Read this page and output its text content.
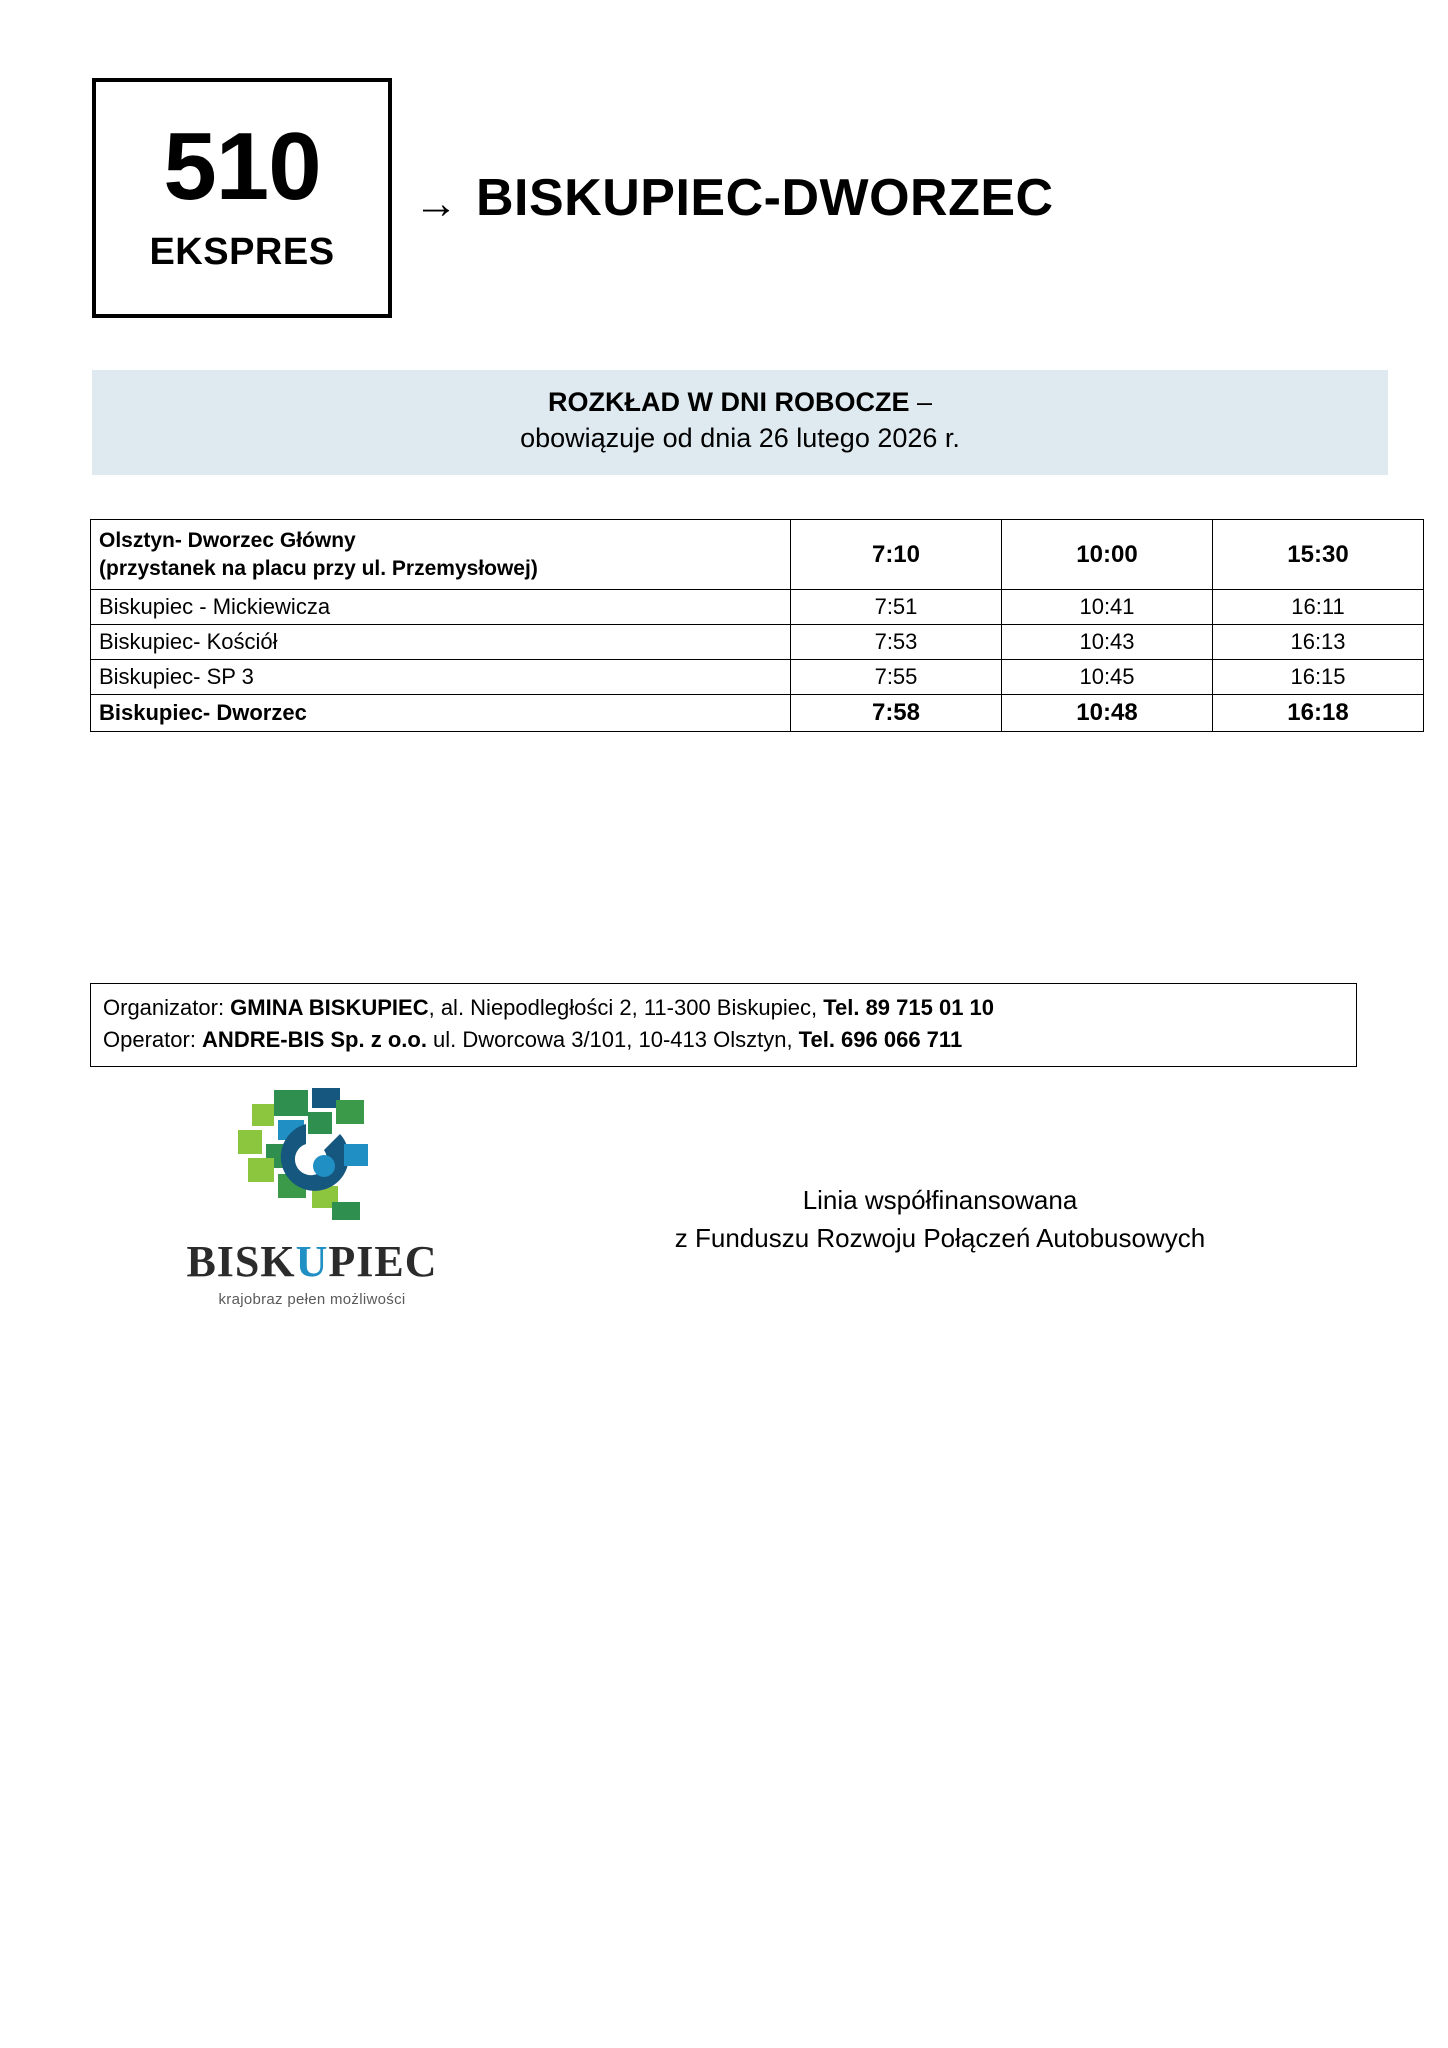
510
EKSPRES
→ BISKUPIEC-DWORZEC
ROZKŁAD W DNI ROBOCZE –
obowiązuje od dnia 26 lutego 2026 r.
Olsztyn- Dworzec Główny
(przystanek na placu przy ul. Przemysłowej)	7:10	10:00	15:30
Biskupiec - Mickiewicza	7:51	10:41	16:11
Biskupiec- Kościół	7:53	10:43	16:13
Biskupiec- SP 3	7:55	10:45	16:15
Biskupiec- Dworzec	7:58	10:48	16:18

Organizator: GMINA BISKUPIEC, al. Niepodległości 2, 11-300 Biskupiec, Tel. 89 715 01 10

Operator: ANDRE-BIS Sp. z o.o. ul. Dworcowa 3/101, 10-413 Olsztyn, Tel. 696 066 711

BISKUPIEC
krajobraz pełen możliwości
Linia współfinansowana
z Funduszu Rozwoju Połączeń Autobusowych
